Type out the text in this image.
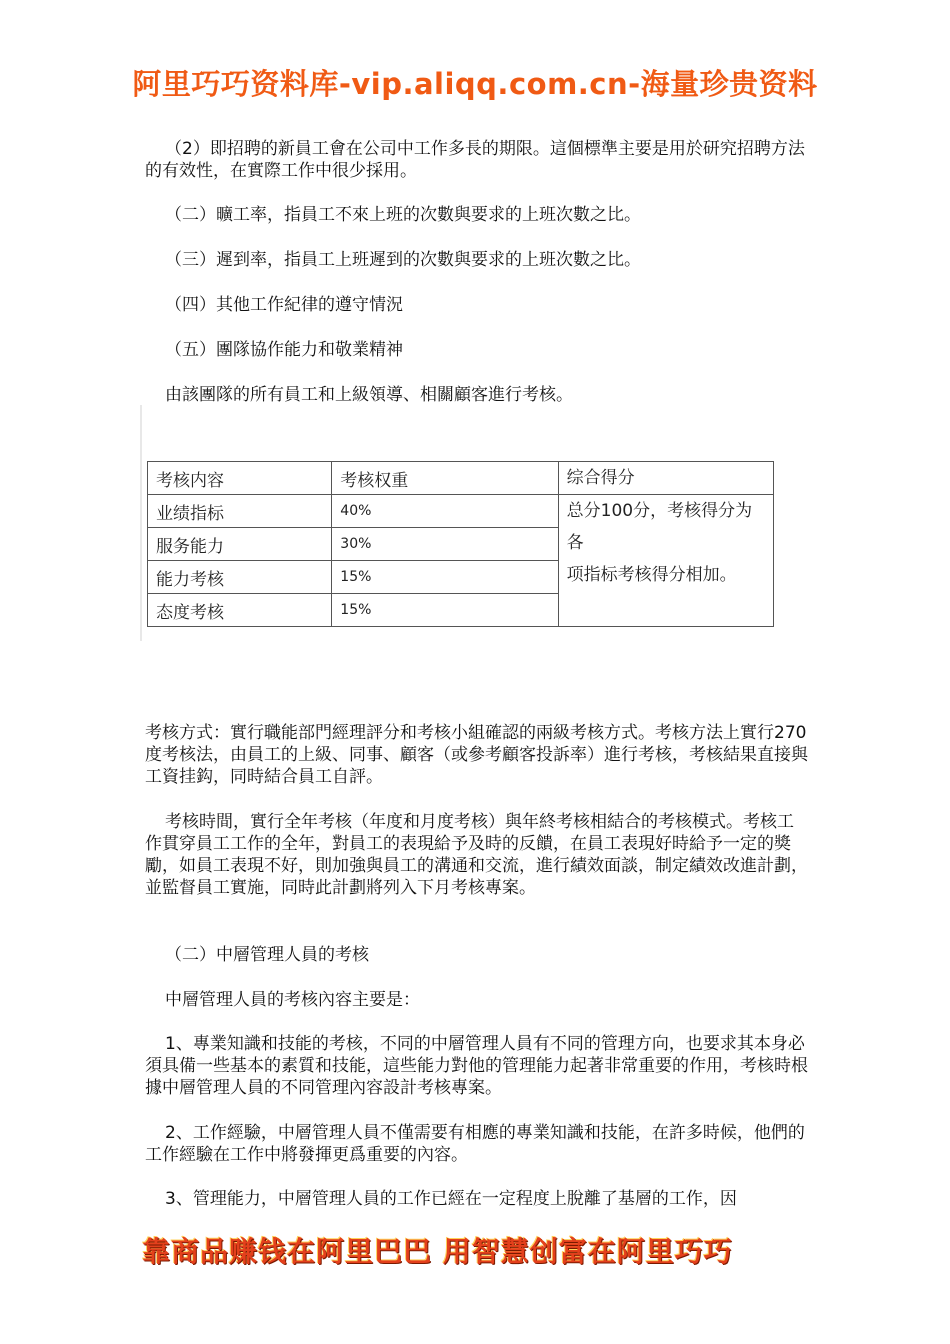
阿里巧巧资料库-vip.aliqq.com.cn-海量珍贵资料

（2）即招聘的新員工會在公司中工作多長的期限。這個標準主要是用於研究招聘方法的有效性，在實際工作中很少採用。

（二）曠工率，指員工不來上班的次數與要求的上班次數之比。

（三）遲到率，指員工上班遲到的次數與要求的上班次數之比。

（四）其他工作紀律的遵守情況

（五）團隊協作能力和敬業精神

由該團隊的所有員工和上級領導、相關顧客進行考核。

考核内容	考核权重	综合得分
业绩指标	40%	总分100分，考核得分为各
项指标考核得分相加。
服务能力	30%	
能力考核	15%	
态度考核	15%	

考核方式：實行職能部門經理評分和考核小組確認的兩級考核方式。考核方法上實行270度考核法，由員工的上級、同事、顧客（或參考顧客投訴率）進行考核，考核結果直接與工資挂鈎，同時結合員工自評。

考核時間，實行全年考核（年度和月度考核）與年終考核相結合的考核模式。考核工作貫穿員工工作的全年，對員工的表現給予及時的反饋，在員工表現好時給予一定的獎勵，如員工表現不好，則加強與員工的溝通和交流，進行績效面談，制定績效改進計劃，並監督員工實施，同時此計劃將列入下月考核專案。

（二）中層管理人員的考核

中層管理人員的考核內容主要是：

1、專業知識和技能的考核，不同的中層管理人員有不同的管理方向，也要求其本身必須具備一些基本的素質和技能，這些能力對他的管理能力起著非常重要的作用，考核時根據中層管理人員的不同管理內容設計考核專案。

2、工作經驗，中層管理人員不僅需要有相應的專業知識和技能，在許多時候，他們的工作經驗在工作中將發揮更爲重要的內容。

3、管理能力，中層管理人員的工作已經在一定程度上脫離了基層的工作，因

靠商品赚钱在阿里巴巴 用智慧创富在阿里巧巧
